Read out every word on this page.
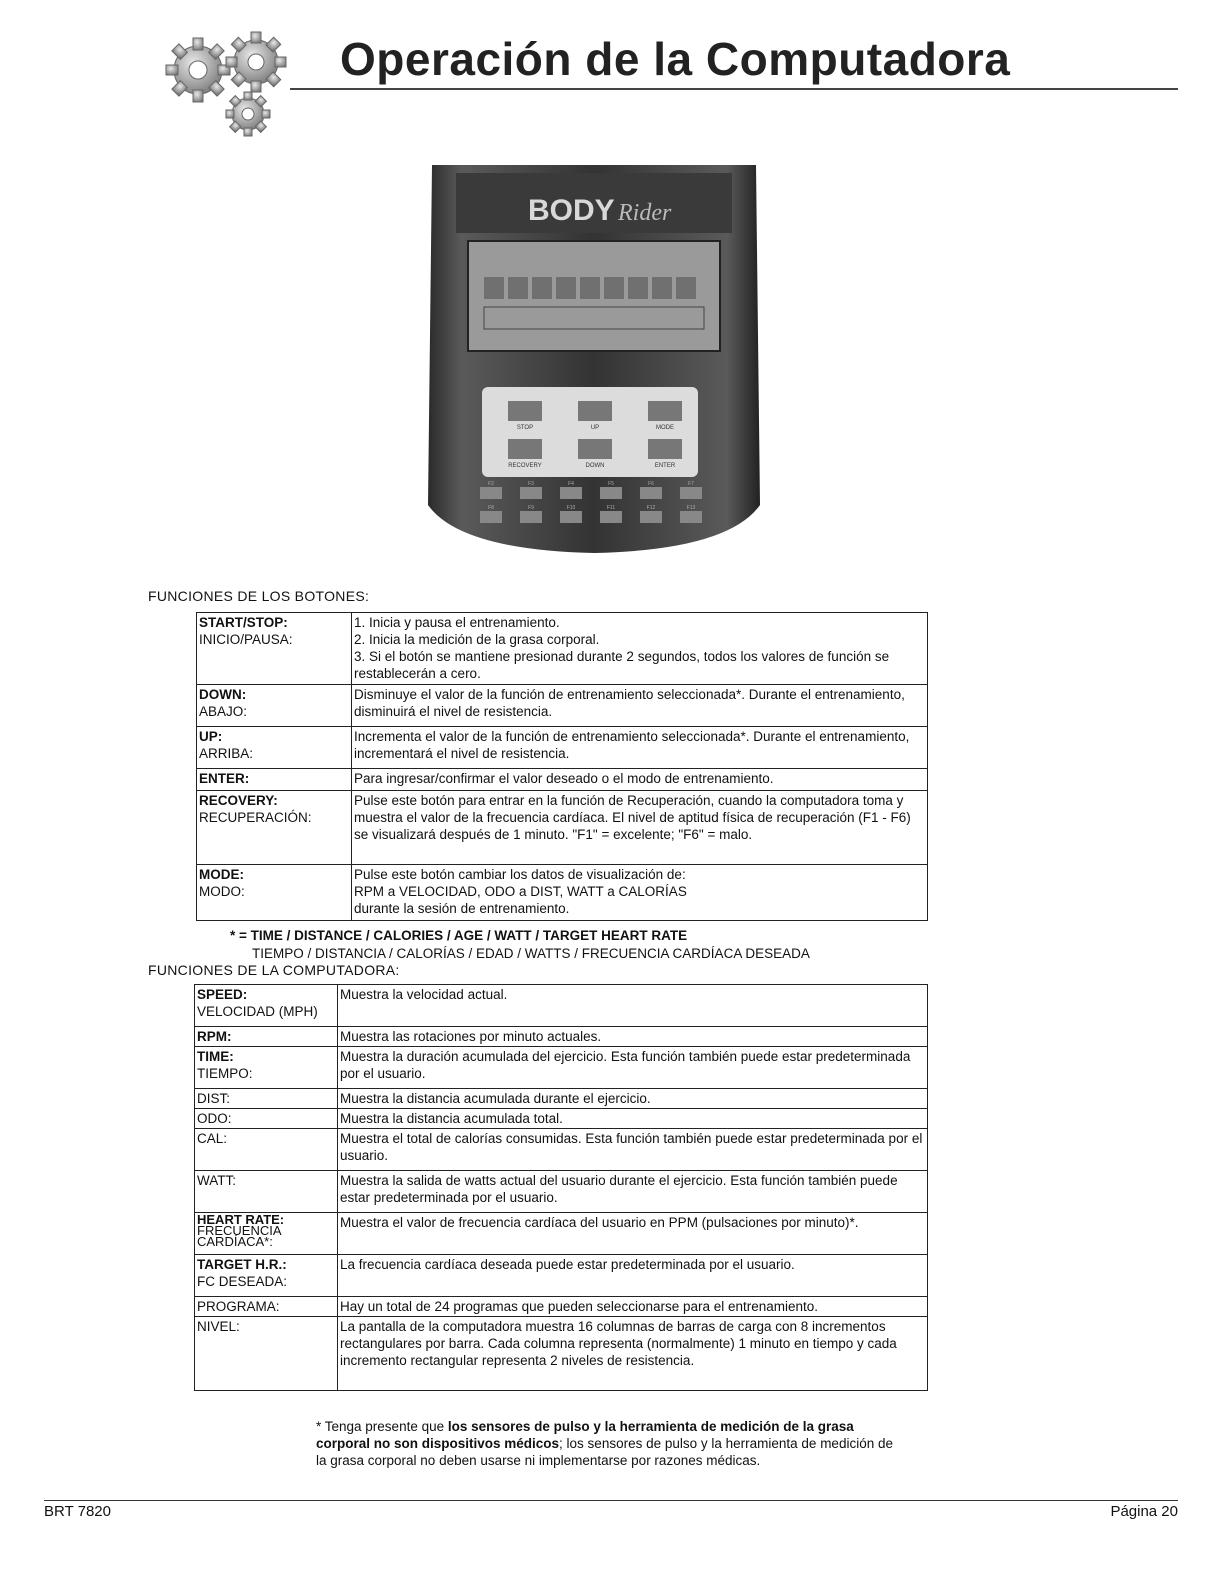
Operación de la Computadora
BODY Rider
STOP	UP	MODE
RECOVERY	DOWN	ENTER
F2	F3	F4	F5	F6	F7
F8	F9	F10	F11	F12	F13
FUNCIONES DE LOS BOTONES:
START/STOP:
INICIO/PAUSA:	1. Inicia y pausa el entrenamiento.
2. Inicia la medición de la grasa corporal.
3. Si el botón se mantiene presionad durante 2 segundos, todos los valores de función se restablecerán a cero.

DOWN:
ABAJO:	Disminuye el valor de la función de entrenamiento seleccionada*. Durante el entrenamiento, disminuirá el nivel de resistencia.

UP:
ARRIBA:	Incrementa el valor de la función de entrenamiento seleccionada*. Durante el entrenamiento, incrementará el nivel de resistencia.

ENTER:	Para ingresar/confirmar el valor deseado o el modo de entrenamiento.

RECOVERY:
RECUPERACIÓN:	Pulse este botón para entrar en la función de Recuperación, cuando la computadora toma y muestra el valor de la frecuencia cardíaca. El nivel de aptitud física de recuperación (F1 - F6) se visualizará después de 1 minuto. "F1" = excelente; "F6" = malo.

MODE:
MODO:	Pulse este botón cambiar los datos de visualización de:
RPM a VELOCIDAD, ODO a DIST, WATT a CALORÍAS
durante la sesión de entrenamiento.
* = TIME / DISTANCE / CALORIES / AGE / WATT / TARGET HEART RATE
TIEMPO / DISTANCIA / CALORÍAS / EDAD / WATTS / FRECUENCIA CARDÍACA DESEADA
FUNCIONES DE LA COMPUTADORA:
SPEED:
VELOCIDAD (MPH)	Muestra la velocidad actual.

RPM:	Muestra las rotaciones por minuto actuales.

TIME:
TIEMPO:	Muestra la duración acumulada del ejercicio. Esta función también puede estar predeterminada por el usuario.

DIST:	Muestra la distancia acumulada durante el ejercicio.

ODO:	Muestra la distancia acumulada total.

CAL:	Muestra el total de calorías consumidas. Esta función también puede estar predeterminada por el usuario.

WATT:	Muestra la salida de watts actual del usuario durante el ejercicio. Esta función también puede estar predeterminada por el usuario.

HEART RATE:
FRECUENCIA CARDÍACA*:	Muestra el valor de frecuencia cardíaca del usuario en PPM (pulsaciones por minuto)*.

TARGET H.R.:
FC DESEADA:	La frecuencia cardíaca deseada puede estar predeterminada por el usuario.

PROGRAMA:	Hay un total de 24 programas que pueden seleccionarse para el entrenamiento.

NIVEL:	La pantalla de la computadora muestra 16 columnas de barras de carga con 8 incrementos rectangulares por barra. Cada columna representa (normalmente) 1 minuto en tiempo y cada incremento rectangular representa 2 niveles de resistencia.
* Tenga presente que los sensores de pulso y la herramienta de medición de la grasa corporal no son dispositivos médicos; los sensores de pulso y la herramienta de medición de la grasa corporal no deben usarse ni implementarse por razones médicas.
BRT 7820	Página 20
